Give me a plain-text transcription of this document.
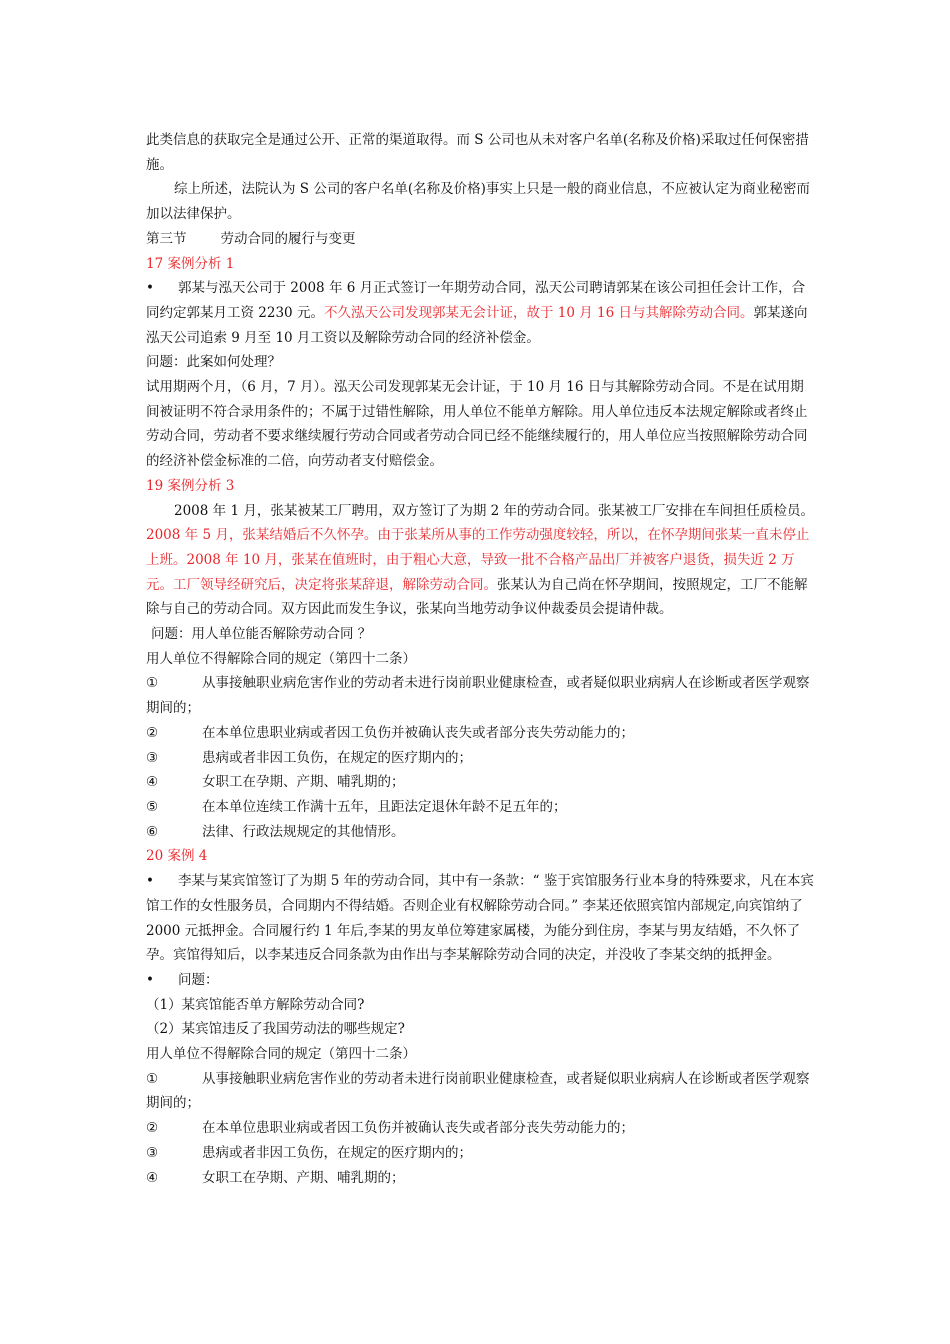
此类信息的获取完全是通过公开、正常的渠道取得。而 S 公司也从未对客户名单(名称及价格)采取过任何保密措施。

综上所述，法院认为 S 公司的客户名单(名称及价格)事实上只是一般的商业信息，不应被认定为商业秘密而加以法律保护。

第三节	劳动合同的履行与变更

17 案例分析 1

• 郭某与泓天公司于 2008 年 6 月正式签订一年期劳动合同，泓天公司聘请郭某在该公司担任会计工作，合同约定郭某月工资 2230 元。不久泓天公司发现郭某无会计证，故于 10 月 16 日与其解除劳动合同。郭某遂向泓天公司追索 9 月至 10 月工资以及解除劳动合同的经济补偿金。

问题：此案如何处理？

试用期两个月，（6 月，7 月）。泓天公司发现郭某无会计证，于 10 月 16 日与其解除劳动合同。不是在试用期间被证明不符合录用条件的；不属于过错性解除，用人单位不能单方解除。用人单位违反本法规定解除或者终止劳动合同，劳动者不要求继续履行劳动合同或者劳动合同已经不能继续履行的，用人单位应当按照解除劳动合同的经济补偿金标准的二倍，向劳动者支付赔偿金。

19 案例分析 3

2008 年 1 月，张某被某工厂聘用，双方签订了为期 2 年的劳动合同。张某被工厂安排在车间担任质检员。2008 年 5 月，张某结婚后不久怀孕。由于张某所从事的工作劳动强度较轻，所以，在怀孕期间张某一直未停止上班。2008 年 10 月，张某在值班时，由于粗心大意，导致一批不合格产品出厂并被客户退货，损失近 2 万元。工厂领导经研究后，决定将张某辞退，解除劳动合同。张某认为自己尚在怀孕期间，按照规定，工厂不能解除与自己的劳动合同。双方因此而发生争议，张某向当地劳动争议仲裁委员会提请仲裁。

问题：用人单位能否解除劳动合同 ？

用人单位不得解除合同的规定（第四十二条）

①	从事接触职业病危害作业的劳动者未进行岗前职业健康检查，或者疑似职业病病人在诊断或者医学观察期间的；

②	在本单位患职业病或者因工负伤并被确认丧失或者部分丧失劳动能力的；

③	患病或者非因工负伤，在规定的医疗期内的；

④	女职工在孕期、产期、哺乳期的；

⑤	在本单位连续工作满十五年，且距法定退休年龄不足五年的；

⑥	法律、行政法规规定的其他情形。

20 案例 4

• 李某与某宾馆签订了为期 5 年的劳动合同，其中有一条款：“ 鉴于宾馆服务行业本身的特殊要求，凡在本宾馆工作的女性服务员，合同期内不得结婚。否则企业有权解除劳动合同。” 李某还依照宾馆内部规定,向宾馆纳了 2000 元抵押金。合同履行约 1 年后,李某的男友单位筹建家属楼，为能分到住房，李某与男友结婚，不久怀了孕。宾馆得知后，以李某违反合同条款为由作出与李某解除劳动合同的决定，并没收了李某交纳的抵押金。

• 问题：

（1）某宾馆能否单方解除劳动合同?

（2）某宾馆违反了我国劳动法的哪些规定?

用人单位不得解除合同的规定（第四十二条）

①	从事接触职业病危害作业的劳动者未进行岗前职业健康检查，或者疑似职业病病人在诊断或者医学观察期间的；

②	在本单位患职业病或者因工负伤并被确认丧失或者部分丧失劳动能力的；

③	患病或者非因工负伤，在规定的医疗期内的；

④	女职工在孕期、产期、哺乳期的；
